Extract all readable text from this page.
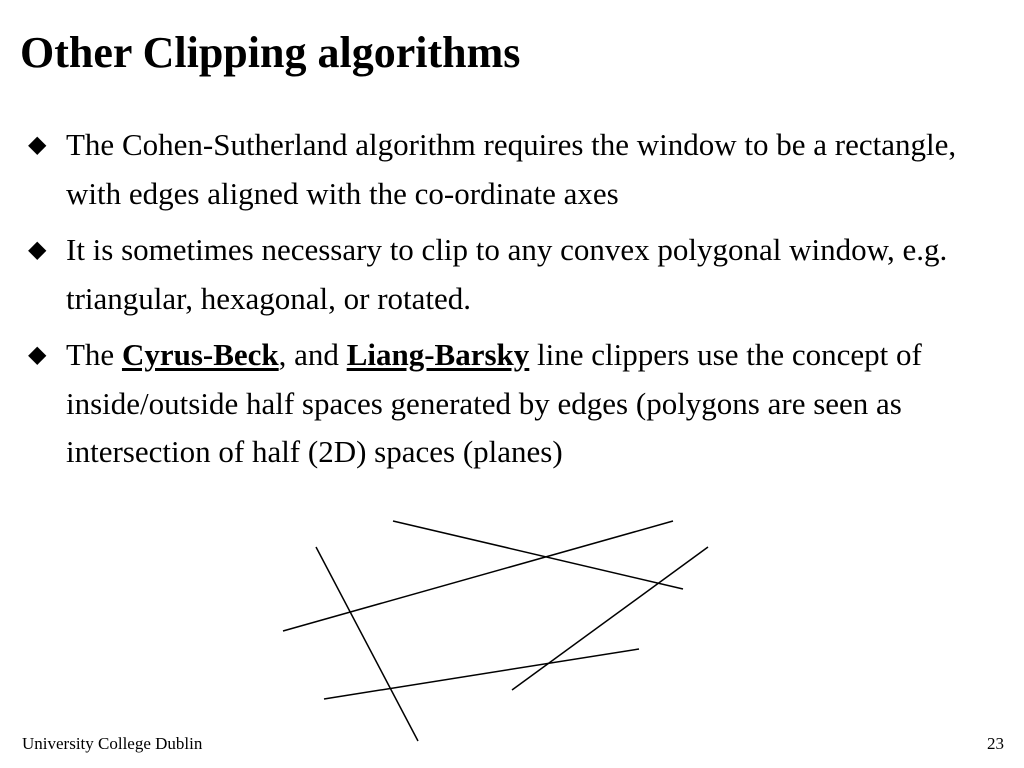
Other Clipping algorithms
◆ The Cohen-Sutherland algorithm requires the window to be a rectangle, with edges aligned with the co-ordinate axes
◆ It is sometimes necessary to clip to any convex polygonal window, e.g. triangular, hexagonal, or rotated.
◆ The Cyrus-Beck, and Liang-Barsky line clippers use the concept of inside/outside half spaces generated by edges (polygons are seen as intersection of half (2D) spaces (planes)
University College Dublin	23
